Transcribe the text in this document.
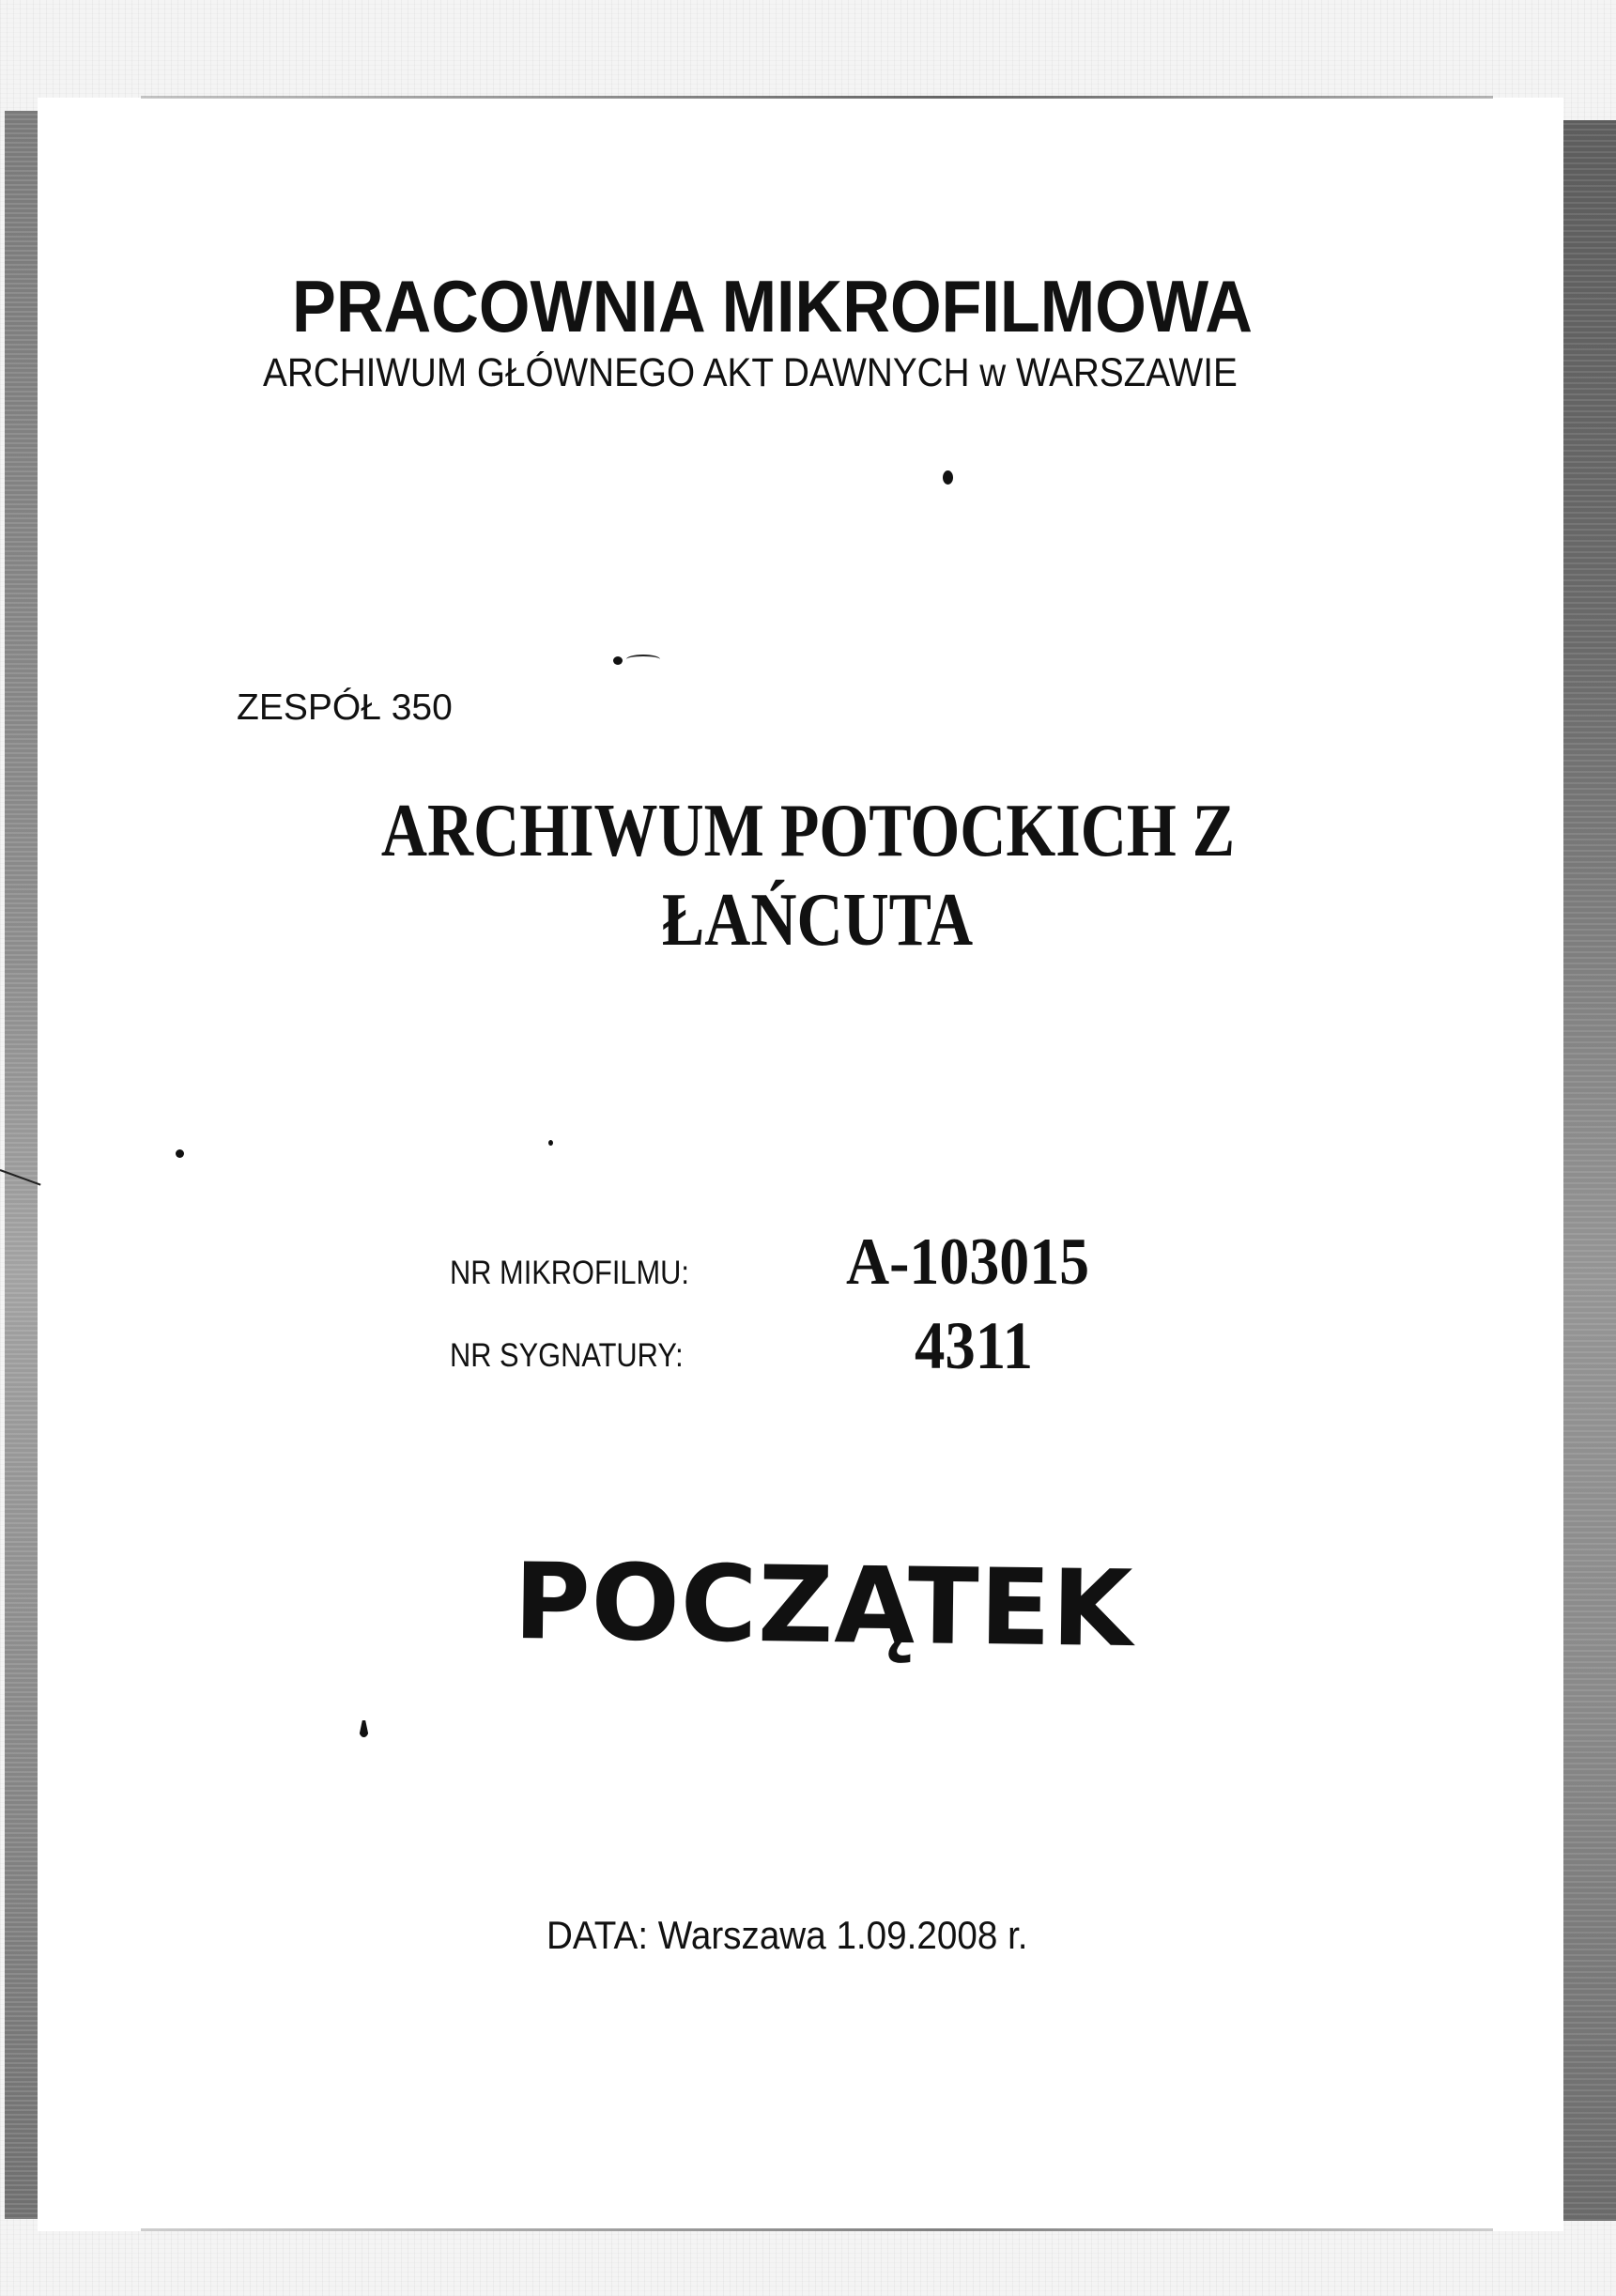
PRACOWNIA MIKROFILMOWA
ARCHIWUM GŁÓWNEGO AKT DAWNYCH w WARSZAWIE
ZESPÓŁ 350
ARCHIWUM POTOCKICH Z
ŁAŃCUTA
NR MIKROFILMU: A-103015
NR SYGNATURY:	4311
POCZĄTEK
DATA: Warszawa 1.09.2008 r.
